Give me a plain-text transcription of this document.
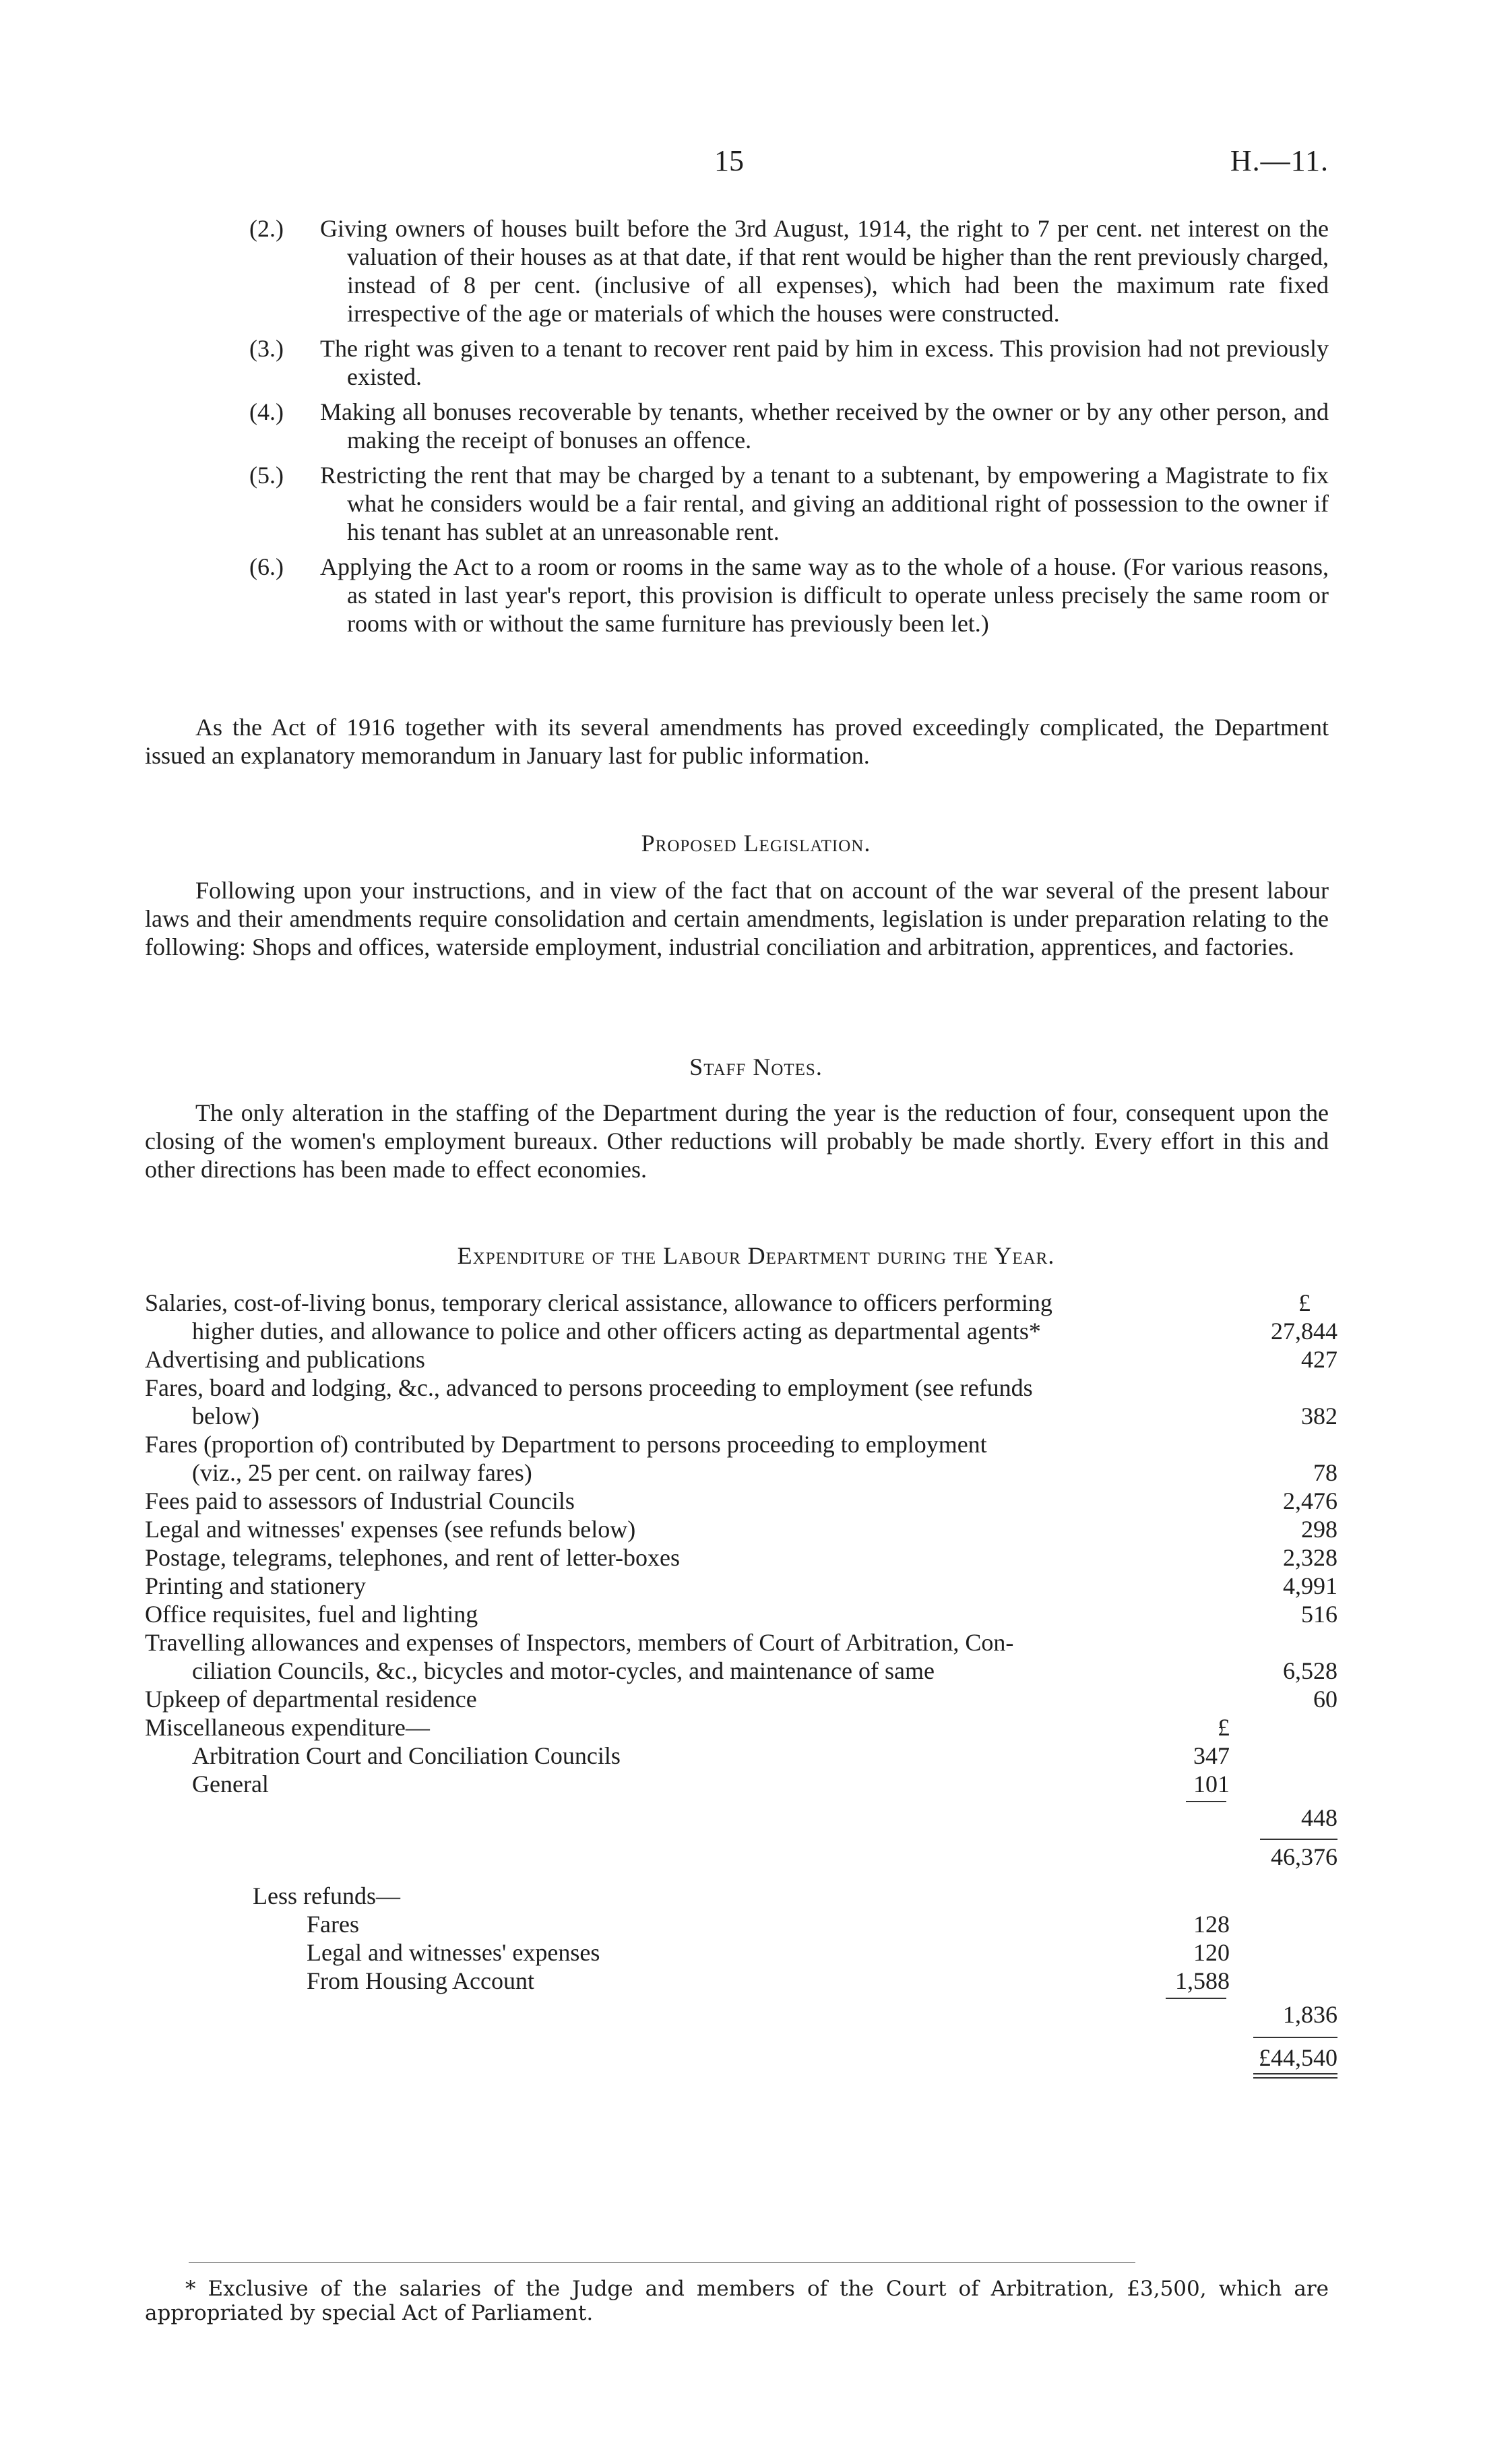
15	H.—11.
(2.)	Giving owners of houses built before the 3rd August, 1914, the right to 7 per cent. net interest on the valuation of their houses as at that date, if that rent would be higher than the rent previously charged, instead of 8 per cent. (inclusive of all expenses), which had been the maximum rate fixed irrespective of the age or materials of which the houses were constructed.
(3.)	The right was given to a tenant to recover rent paid by him in excess. This provision had not previously existed.
(4.)	Making all bonuses recoverable by tenants, whether received by the owner or by any other person, and making the receipt of bonuses an offence.
(5.)	Restricting the rent that may be charged by a tenant to a subtenant, by empowering a Magistrate to fix what he considers would be a fair rental, and giving an additional right of possession to the owner if his tenant has sublet at an unreasonable rent.
(6.)	Applying the Act to a room or rooms in the same way as to the whole of a house. (For various reasons, as stated in last year's report, this provision is difficult to operate unless precisely the same room or rooms with or without the same furniture has previously been let.)
As the Act of 1916 together with its several amendments has proved exceedingly complicated, the Department issued an explanatory memorandum in January last for public information.
Proposed Legislation.
Following upon your instructions, and in view of the fact that on account of the war several of the present labour laws and their amendments require consolidation and certain amendments, legislation is under preparation relating to the following: Shops and offices, waterside employment, industrial conciliation and arbitration, apprentices, and factories.
Staff Notes.
The only alteration in the staffing of the Department during the year is the reduction of four, consequent upon the closing of the women's employment bureaux. Other reductions will probably be made shortly. Every effort in this and other directions has been made to effect economies.
Expenditure of the Labour Department during the Year.
Salaries, cost-of-living bonus, temporary clerical assistance, allowance to officers performing	£
higher duties, and allowance to police and other officers acting as departmental agents*	27,844
Advertising and publications	427
Fares, board and lodging, &c., advanced to persons proceeding to employment (see refunds
below)	382
Fares (proportion of) contributed by Department to persons proceeding to employment
(viz., 25 per cent. on railway fares)	78
Fees paid to assessors of Industrial Councils	2,476
Legal and witnesses' expenses (see refunds below)	298
Postage, telegrams, telephones, and rent of letter-boxes	2,328
Printing and stationery	4,991
Office requisites, fuel and lighting	516
Travelling allowances and expenses of Inspectors, members of Court of Arbitration, Con-
ciliation Councils, &c., bicycles and motor-cycles, and maintenance of same	6,528
Upkeep of departmental residence	60
Miscellaneous expenditure—	£
Arbitration Court and Conciliation Councils	347
General	101
448
46,376
Less refunds—
Fares	128
Legal and witnesses' expenses	120
From Housing Account	1,588
1,836
£44,540
* Exclusive of the salaries of the Judge and members of the Court of Arbitration, £3,500, which are appropriated by special Act of Parliament.
